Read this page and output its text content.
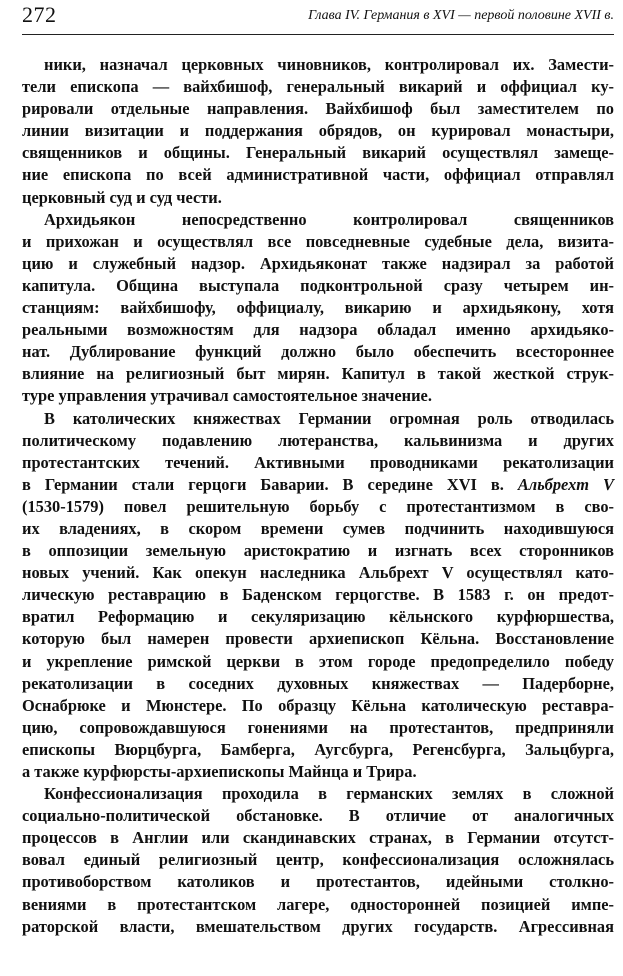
272	Глава IV. Германия в XVI — первой половине XVII в.

ники, назначал церковных чиновников, контролировал их. Замести-
тели епископа — вайхбишоф, генеральный викарий и оффициал ку-
рировали отдельные направления. Вайхбишоф был заместителем по
линии визитации и поддержания обрядов, он курировал монастыри,
священников и общины. Генеральный викарий осуществлял замеще-
ние епископа по всей административной части, оффициал отправлял
церковный суд и суд чести.

Архидьякон непосредственно контролировал священников
и прихожан и осуществлял все повседневные судебные дела, визита-
цию и служебный надзор. Архидьяконат также надзирал за работой
капитула. Община выступала подконтрольной сразу четырем ин-
станциям: вайхбишофу, оффициалу, викарию и архидьякону, хотя
реальными возможностям для надзора обладал именно архидьяко-
нат. Дублирование функций должно было обеспечить всестороннее
влияние на религиозный быт мирян. Капитул в такой жесткой струк-
туре управления утрачивал самостоятельное значение.

В католических княжествах Германии огромная роль отводилась
политическому подавлению лютеранства, кальвинизма и других
протестантских течений. Активными проводниками рекатолизации
в Германии стали герцоги Баварии. В середине XVI в. Альбрехт V
(1530-1579) повел решительную борьбу с протестантизмом в сво-
их владениях, в скором времени сумев подчинить находившуюся
в оппозиции земельную аристократию и изгнать всех сторонников
новых учений. Как опекун наследника Альбрехт V осуществлял като-
лическую реставрацию в Баденском герцогстве. В 1583 г. он предот-
вратил Реформацию и секуляризацию кёльнского курфюршества,
которую был намерен провести архиепископ Кёльна. Восстановление
и укрепление римской церкви в этом городе предопределило победу
рекатолизации в соседних духовных княжествах — Падерборне,
Оснабрюке и Мюнстере. По образцу Кёльна католическую реставра-
цию, сопровождавшуюся гонениями на протестантов, предприняли
епископы Вюрцбурга, Бамберга, Аугсбурга, Регенсбурга, Зальцбурга,
а также курфюрсты-архиепископы Майнца и Трира.

Конфессионализация проходила в германских землях в сложной
социально-политической обстановке. В отличие от аналогичных
процессов в Англии или скандинавских странах, в Германии отсутст-
вовал единый религиозный центр, конфессионализация осложнялась
противоборством католиков и протестантов, идейными столкно-
вениями в протестантском лагере, односторонней позицией импе-
раторской власти, вмешательством других государств. Агрессивная
